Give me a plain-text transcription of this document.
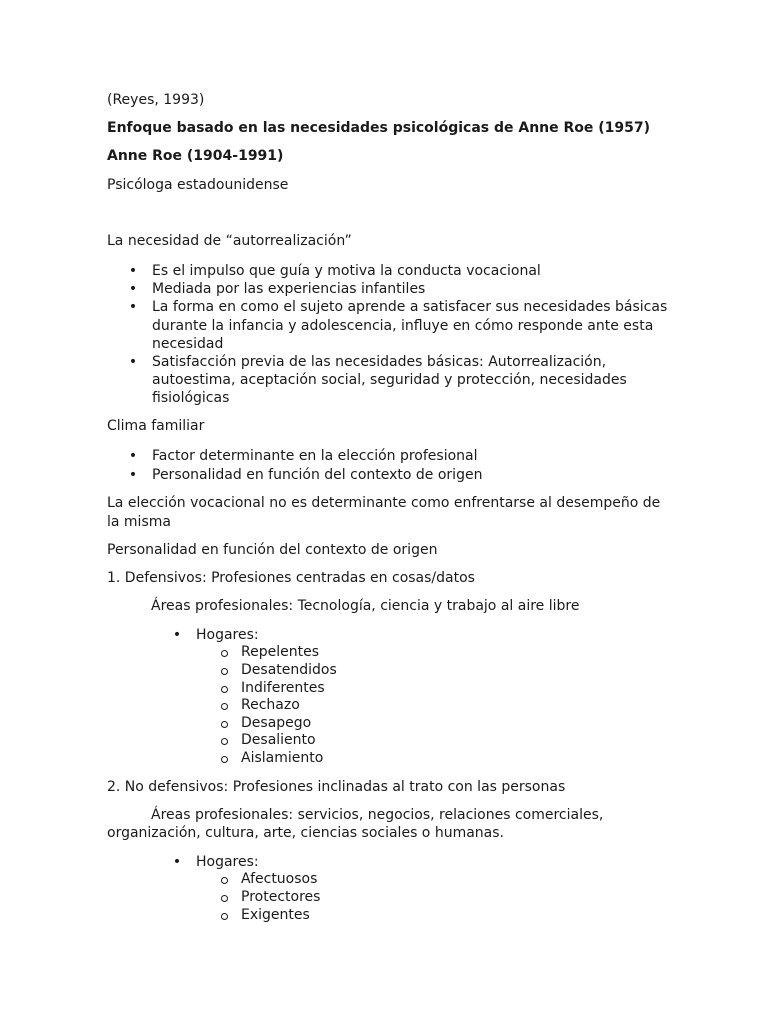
(Reyes, 1993)
Enfoque basado en las necesidades psicológicas de Anne Roe (1957)
Anne Roe (1904-1991)
Psicóloga estadounidense
La necesidad de “autorrealización”
•	Es el impulso que guía y motiva la conducta vocacional
•	Mediada por las experiencias infantiles
•	La forma en como el sujeto aprende a satisfacer sus necesidades básicas
durante la infancia y adolescencia, influye en cómo responde ante esta
necesidad
•	Satisfacción previa de las necesidades básicas: Autorrealización,
autoestima, aceptación social, seguridad y protección, necesidades
fisiológicas
Clima familiar
•	Factor determinante en la elección profesional
•	Personalidad en función del contexto de origen
La elección vocacional no es determinante como enfrentarse al desempeño de
la misma
Personalidad en función del contexto de origen
1. Defensivos: Profesiones centradas en cosas/datos
Áreas profesionales: Tecnología, ciencia y trabajo al aire libre
•	Hogares:
Repelentes
Desatendidos
Indiferentes
Rechazo
Desapego
Desaliento
Aislamiento
2. No defensivos: Profesiones inclinadas al trato con las personas
Áreas profesionales: servicios, negocios, relaciones comerciales,
organización, cultura, arte, ciencias sociales o humanas.
•	Hogares:
Afectuosos
Protectores
Exigentes
